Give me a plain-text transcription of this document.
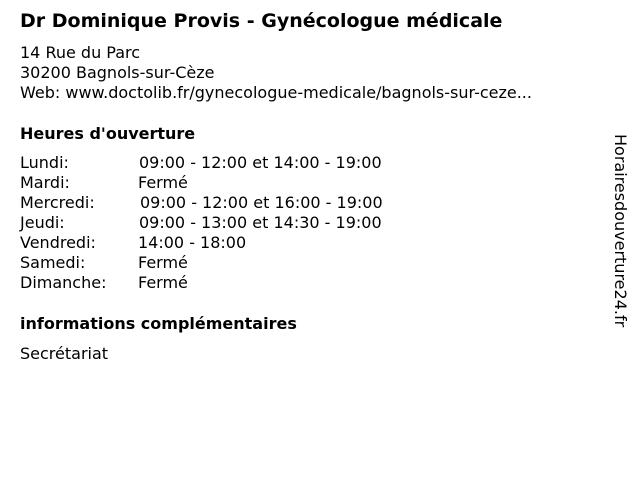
Dr Dominique Provis - Gynécologue médicale
14 Rue du Parc
30200 Bagnols-sur-Cèze
Web: www.doctolib.fr/gynecologue-medicale/bagnols-sur-ceze...
Heures d'ouverture
Lundi:	09:00 - 12:00 et 14:00 - 19:00
Mardi:	Fermé
Mercredi:	09:00 - 12:00 et 16:00 - 19:00
Jeudi:	09:00 - 13:00 et 14:30 - 19:00
Vendredi:	14:00 - 18:00
Samedi:	Fermé
Dimanche: Fermé
informations complémentaires
Secrétariat
Horairesdouverture24.fr
